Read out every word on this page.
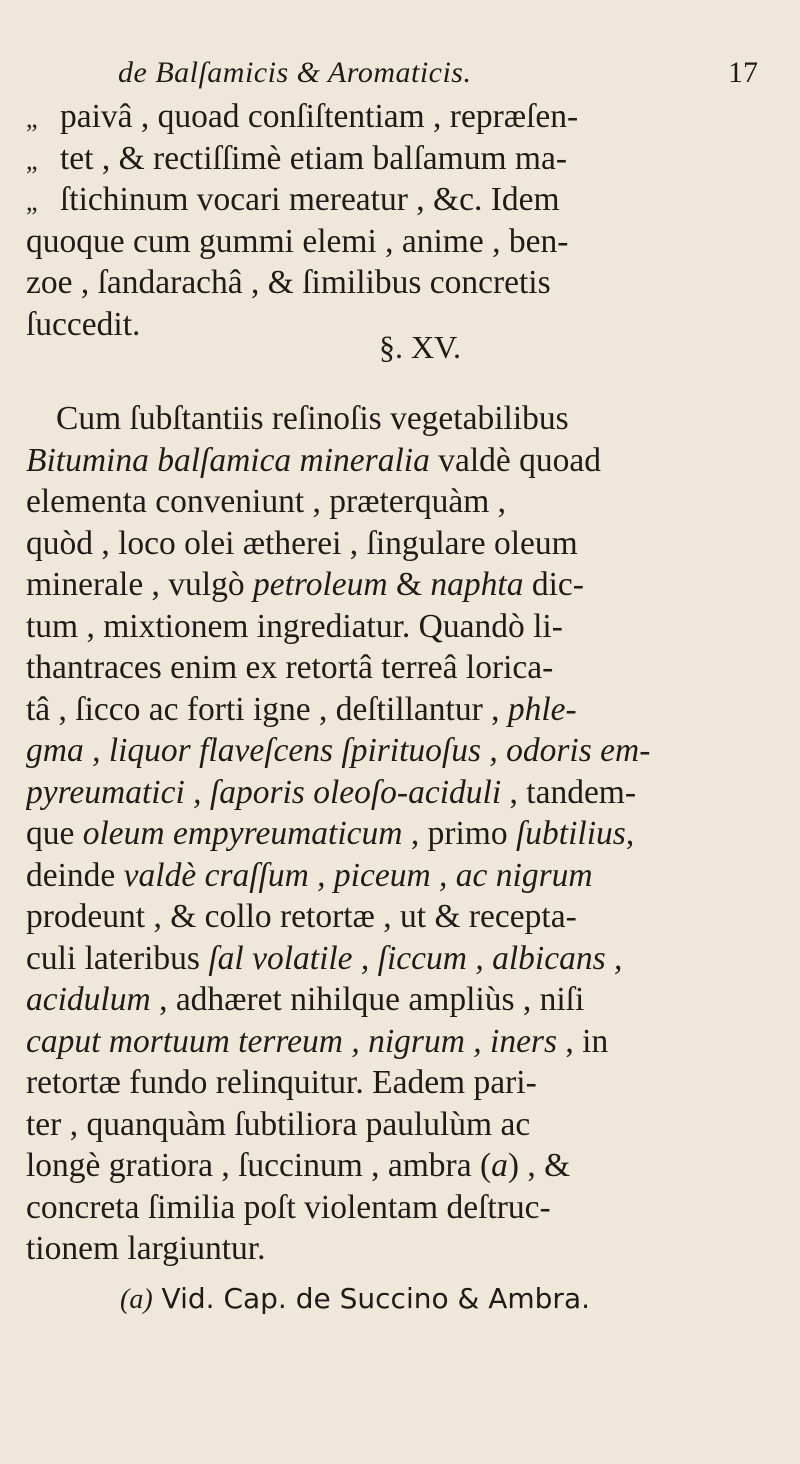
de Balſamicis & Aromaticis.	17
„ paivâ , quoad conſiſtentiam , repræſen-
„ tet , & rectiſſimè etiam balſamum ma-
„ ſtichinum vocari mereatur , &c. Idem
quoque cum gummi elemi , anime , ben-
zoe , ſandarachâ , & ſimilibus concretis
ſuccedit.
§. XV.
Cum ſubſtantiis reſinoſis vegetabilibus
Bitumina balſamica mineralia valdè quoad
elementa conveniunt , præterquàm ,
quòd , loco olei ætherei , ſingulare oleum
minerale , vulgò petroleum & naphta dic-
tum , mixtionem ingrediatur. Quandò li-
thantraces enim ex retortâ terreâ lorica-
tâ , ſicco ac forti igne , deſtillantur , phle-
gma , liquor flaveſcens ſpirituoſus , odoris em-
pyreumatici , ſaporis oleoſo-aciduli , tandem-
que oleum empyreumaticum , primo ſubtilius,
deinde valdè craſſum , piceum , ac nigrum
prodeunt , & collo retortæ , ut & recepta-
culi lateribus ſal volatile , ſiccum , albicans ,
acidulum , adhæret nihilque ampliùs , niſi
caput mortuum terreum , nigrum , iners , in
retortæ fundo relinquitur. Eadem pari-
ter , quanquàm ſubtiliora paululùm ac
longè gratiora , ſuccinum , ambra (a) , &
concreta ſimilia poſt violentam deſtruc-
tionem largiuntur.
(a) Vid. Cap. de Succino & Ambra.
